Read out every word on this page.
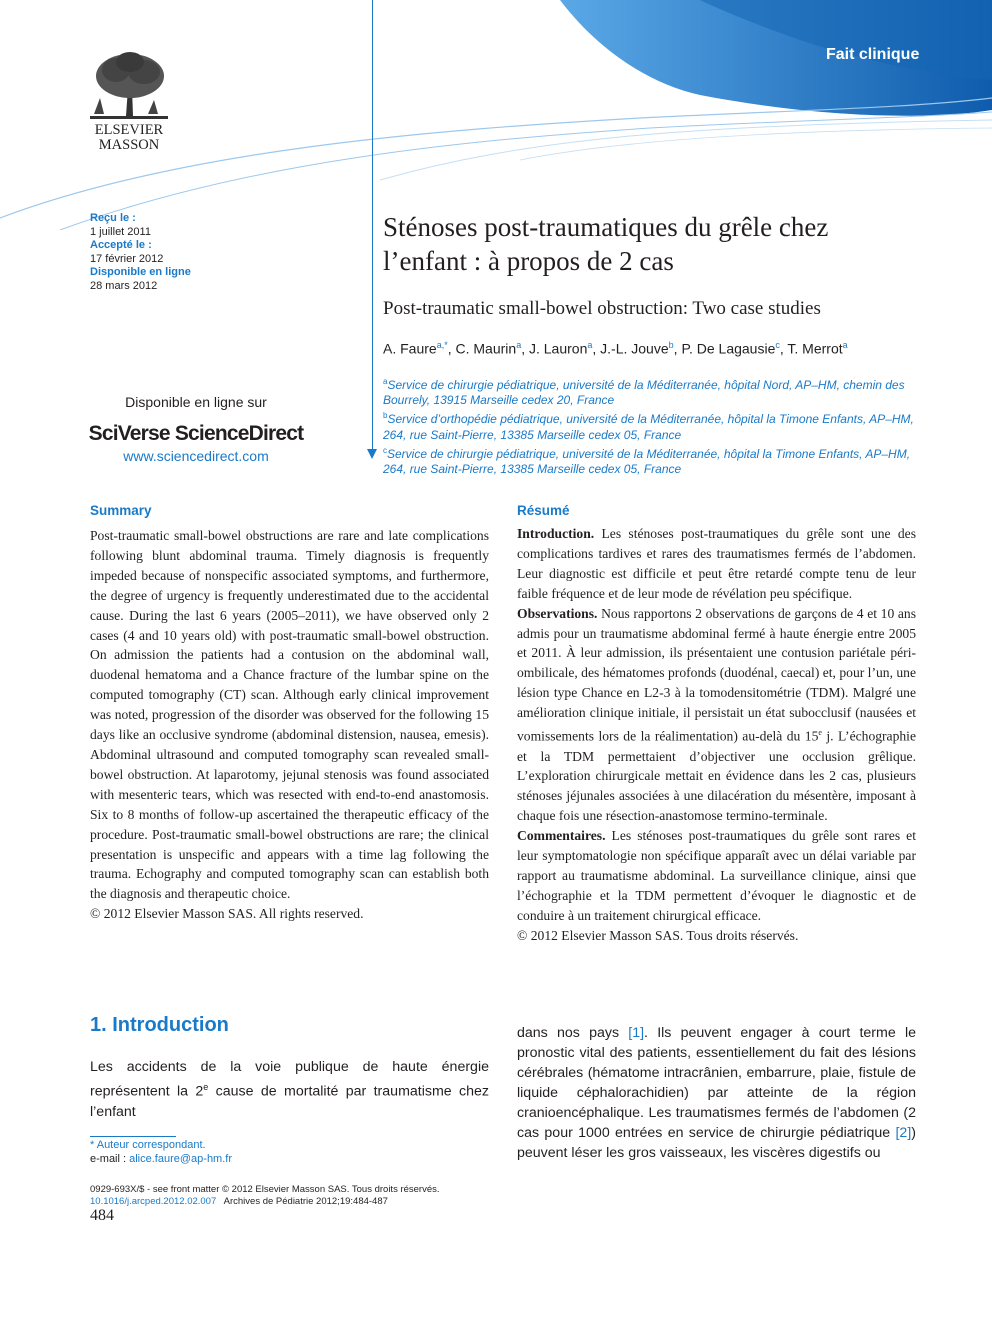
Fait clinique
ELSEVIER
MASSON
Reçu le :
1 juillet 2011
Accepté le :
17 février 2012
Disponible en ligne
28 mars 2012
Disponible en ligne sur
SciVerse ScienceDirect
www.sciencedirect.com
Sténoses post-traumatiques du grêle chez l’enfant : à propos de 2 cas
Post-traumatic small-bowel obstruction: Two case studies
A. Faure$^{a,*}$, C. Maurin$^a$, J. Lauron$^a$, J.-L. Jouve$^b$, P. De Lagausie$^c$, T. Merrot$^a$
$^a$Service de chirurgie pédiatrique, université de la Méditerranée, hôpital Nord, AP–HM, chemin des Bourrely, 13915 Marseille cedex 20, France
$^b$Service d’orthopédie pédiatrique, université de la Méditerranée, hôpital la Timone Enfants, AP–HM, 264, rue Saint-Pierre, 13385 Marseille cedex 05, France
$^c$Service de chirurgie pédiatrique, université de la Méditerranée, hôpital la Timone Enfants, AP–HM, 264, rue Saint-Pierre, 13385 Marseille cedex 05, France
Summary
Post-traumatic small-bowel obstructions are rare and late complications following blunt abdominal trauma. Timely diagnosis is frequently impeded because of nonspecific associated symptoms, and furthermore, the degree of urgency is frequently underestimated due to the accidental cause. During the last 6 years (2005–2011), we have observed only 2 cases (4 and 10 years old) with post-traumatic small-bowel obstruction. On admission the patients had a contusion on the abdominal wall, duodenal hematoma and a Chance fracture of the lumbar spine on the computed tomography (CT) scan. Although early clinical improvement was noted, progression of the disorder was observed for the following 15 days like an occlusive syndrome (abdominal distension, nausea, emesis). Abdominal ultrasound and computed tomography scan revealed small-bowel obstruction. At laparotomy, jejunal stenosis was found associated with mesenteric tears, which was resected with end-to-end anastomosis. Six to 8 months of follow-up ascertained the therapeutic efficacy of the procedure. Post-traumatic small-bowel obstructions are rare; the clinical presentation is unspecific and appears with a time lag following the trauma. Echography and computed tomography scan can establish both the diagnosis and therapeutic choice.
© 2012 Elsevier Masson SAS. All rights reserved.
Résumé
Introduction. Les sténoses post-traumatiques du grêle sont une des complications tardives et rares des traumatismes fermés de l’abdomen. Leur diagnostic est difficile et peut être retardé compte tenu de leur faible fréquence et de leur mode de révélation peu spécifique.
Observations. Nous rapportons 2 observations de garçons de 4 et 10 ans admis pour un traumatisme abdominal fermé à haute énergie entre 2005 et 2011. À leur admission, ils présentaient une contusion pariétale péri-ombilicale, des hématomes profonds (duodénal, caecal) et, pour l’un, une lésion type Chance en L2-3 à la tomodensitométrie (TDM). Malgré une amélioration clinique initiale, il persistait un état subocclusif (nausées et vomissements lors de la réalimentation) au-delà du 15e j. L’échographie et la TDM permettaient d’objectiver une occlusion grêlique. L’exploration chirurgicale mettait en évidence dans les 2 cas, plusieurs sténoses jéjunales associées à une dilacération du mésentère, imposant à chaque fois une résection-anastomose termino-terminale.
Commentaires. Les sténoses post-traumatiques du grêle sont rares et leur symptomatologie non spécifique apparaît avec un délai variable par rapport au traumatisme abdominal. La surveillance clinique, ainsi que l’échographie et la TDM permettent d’évoquer le diagnostic et de conduire à un traitement chirurgical efficace.
© 2012 Elsevier Masson SAS. Tous droits réservés.
1. Introduction
Les accidents de la voie publique de haute énergie représentent la 2e cause de mortalité par traumatisme chez l’enfant
dans nos pays [1]. Ils peuvent engager à court terme le pronostic vital des patients, essentiellement du fait des lésions cérébrales (hématome intracrânien, embarrure, plaie, fistule de liquide céphalorachidien) par atteinte de la région cranioencéphalique. Les traumatismes fermés de l’abdomen (2 cas pour 1000 entrées en service de chirurgie pédiatrique [2]) peuvent léser les gros vaisseaux, les viscères digestifs ou
* Auteur correspondant.
e-mail : alice.faure@ap-hm.fr
0929-693X/$ - see front matter © 2012 Elsevier Masson SAS. Tous droits réservés.
10.1016/j.arcped.2012.02.007   Archives de Pédiatrie 2012;19:484-487
484
